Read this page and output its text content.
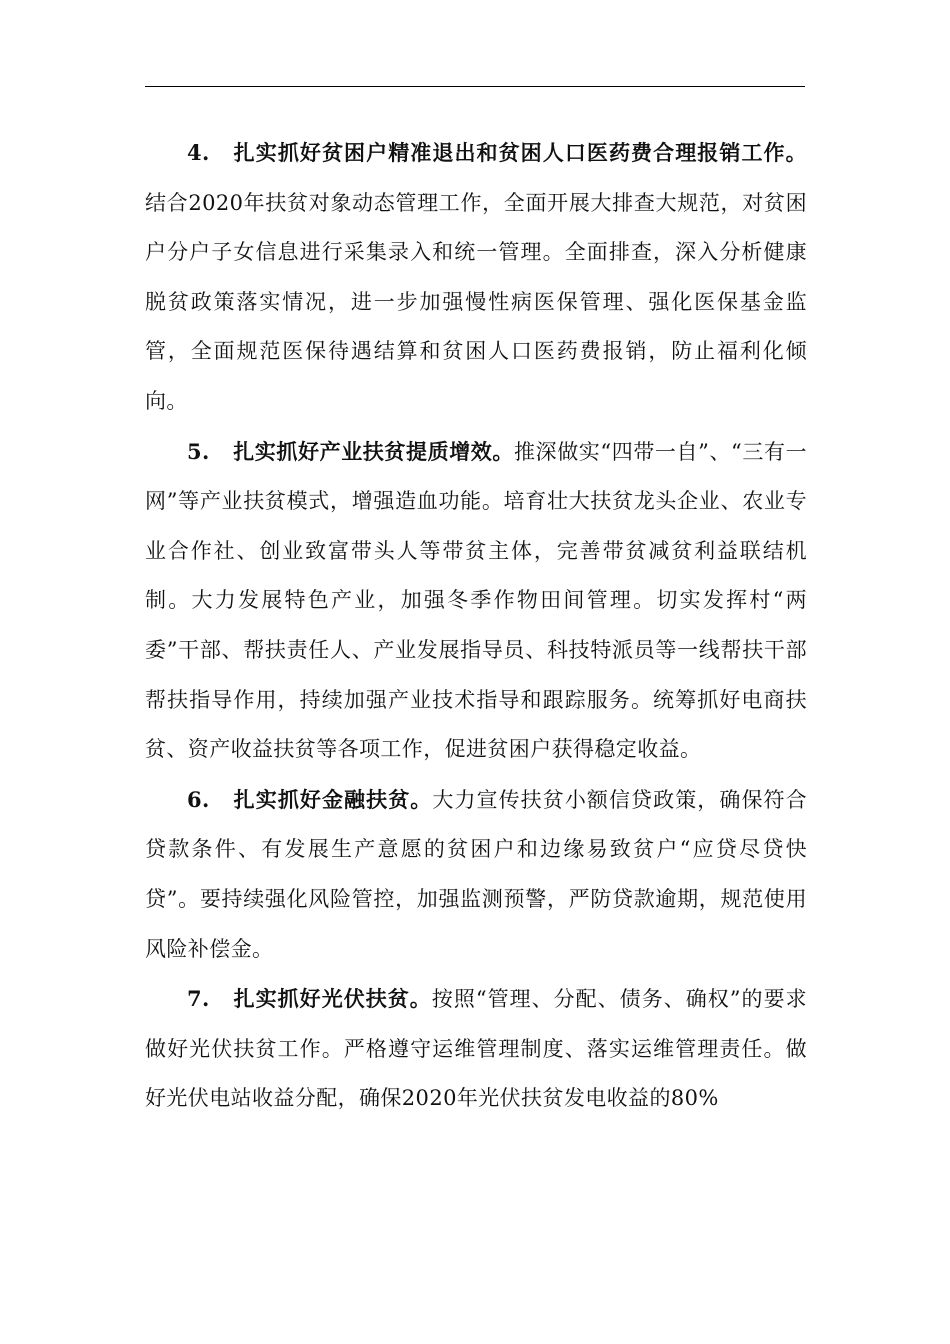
4. 扎实抓好贫困户精准退出和贫困人口医药费合理报销工作。结合2020年扶贫对象动态管理工作，全面开展大排查大规范，对贫困户分户子女信息进行采集录入和统一管理。全面排查，深入分析健康脱贫政策落实情况，进一步加强慢性病医保管理、强化医保基金监管，全面规范医保待遇结算和贫困人口医药费报销，防止福利化倾向。

5. 扎实抓好产业扶贫提质增效。推深做实“四带一自”、“三有一网”等产业扶贫模式，增强造血功能。培育壮大扶贫龙头企业、农业专业合作社、创业致富带头人等带贫主体，完善带贫减贫利益联结机制。大力发展特色产业，加强冬季作物田间管理。切实发挥村“两委”干部、帮扶责任人、产业发展指导员、科技特派员等一线帮扶干部帮扶指导作用，持续加强产业技术指导和跟踪服务。统筹抓好电商扶贫、资产收益扶贫等各项工作，促进贫困户获得稳定收益。

6. 扎实抓好金融扶贫。大力宣传扶贫小额信贷政策，确保符合贷款条件、有发展生产意愿的贫困户和边缘易致贫户“应贷尽贷快贷”。要持续强化风险管控，加强监测预警，严防贷款逾期，规范使用风险补偿金。

7. 扎实抓好光伏扶贫。按照“管理、分配、债务、确权”的要求做好光伏扶贫工作。严格遵守运维管理制度、落实运维管理责任。做好光伏电站收益分配，确保2020年光伏扶贫发电收益的80%
